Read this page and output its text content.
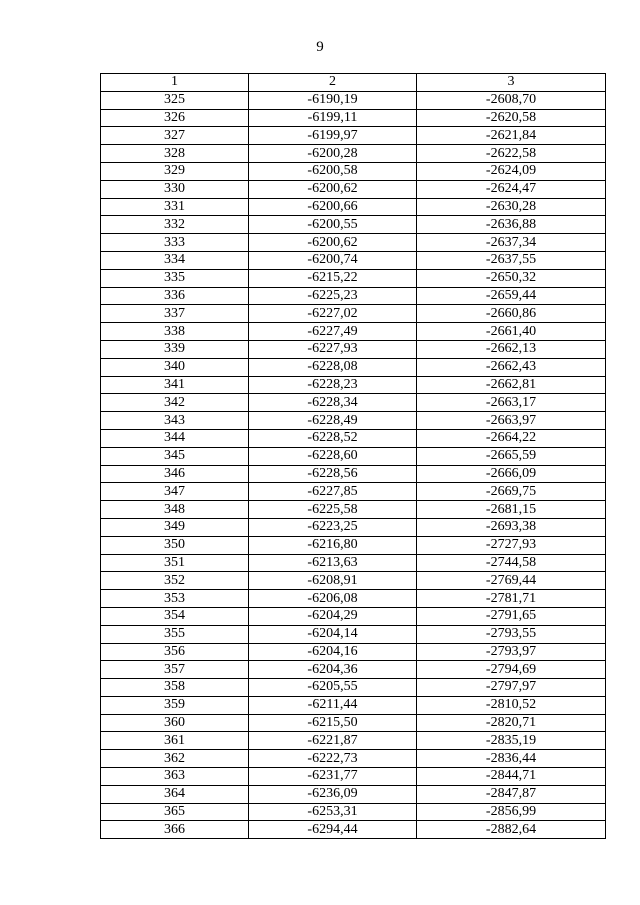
9
1	2	3
325	-6190,19	-2608,70
326	-6199,11	-2620,58
327	-6199,97	-2621,84
328	-6200,28	-2622,58
329	-6200,58	-2624,09
330	-6200,62	-2624,47
331	-6200,66	-2630,28
332	-6200,55	-2636,88
333	-6200,62	-2637,34
334	-6200,74	-2637,55
335	-6215,22	-2650,32
336	-6225,23	-2659,44
337	-6227,02	-2660,86
338	-6227,49	-2661,40
339	-6227,93	-2662,13
340	-6228,08	-2662,43
341	-6228,23	-2662,81
342	-6228,34	-2663,17
343	-6228,49	-2663,97
344	-6228,52	-2664,22
345	-6228,60	-2665,59
346	-6228,56	-2666,09
347	-6227,85	-2669,75
348	-6225,58	-2681,15
349	-6223,25	-2693,38
350	-6216,80	-2727,93
351	-6213,63	-2744,58
352	-6208,91	-2769,44
353	-6206,08	-2781,71
354	-6204,29	-2791,65
355	-6204,14	-2793,55
356	-6204,16	-2793,97
357	-6204,36	-2794,69
358	-6205,55	-2797,97
359	-6211,44	-2810,52
360	-6215,50	-2820,71
361	-6221,87	-2835,19
362	-6222,73	-2836,44
363	-6231,77	-2844,71
364	-6236,09	-2847,87
365	-6253,31	-2856,99
366	-6294,44	-2882,64
